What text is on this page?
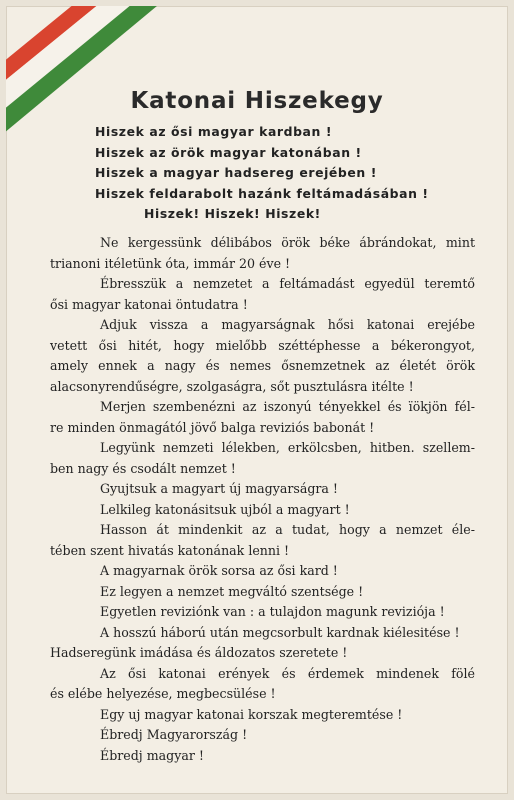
Katonai Hiszekegy
Hiszek az ősi magyar kardban !
Hiszek az örök magyar katonában !
Hiszek a magyar hadsereg erejében !
Hiszek feldarabolt hazánk feltámadásában !
Hiszek! Hiszek! Hiszek!
Ne kergessünk délibábos örök béke ábrándokat, mint
trianoni itéletünk óta, immár 20 éve !
Ébresszük a nemzetet a feltámadást egyedül teremtő
ősi magyar katonai öntudatra !
Adjuk vissza a magyarságnak hősi katonai erejébe
vetett ősi hitét, hogy mielőbb széttéphesse a békerongyot,
amely ennek a nagy és nemes ősnemzetnek az életét örök
alacsonyrendűségre, szolgaságra, sőt pusztulásra itélte !
Merjen szembenézni az iszonyú tényekkel és ïökjön fél-
re minden önmagától jövő balga reviziós babonát !
Legyünk nemzeti lélekben, erkölcsben, hitben. szellem-
ben nagy és csodált nemzet !
Gyujtsuk a magyart új magyarságra !
Lelkileg katonásitsuk ujból a magyart !
Hasson át mindenkit az a tudat, hogy a nemzet éle-
tében szent hivatás katonának lenni !
A magyarnak örök sorsa az ősi kard !
Ez legyen a nemzet megváltó szentsége !
Egyetlen reviziónk van : a tulajdon magunk reviziója !
A hosszú háború után megcsorbult kardnak kiélesitése !
Hadseregünk imádása és áldozatos szeretete !
Az ősi katonai erények és érdemek mindenek fölé
és elébe helyezése, megbecsülése !
Egy uj magyar katonai korszak megteremtése !
Ébredj Magyarország !
Ébredj magyar !
